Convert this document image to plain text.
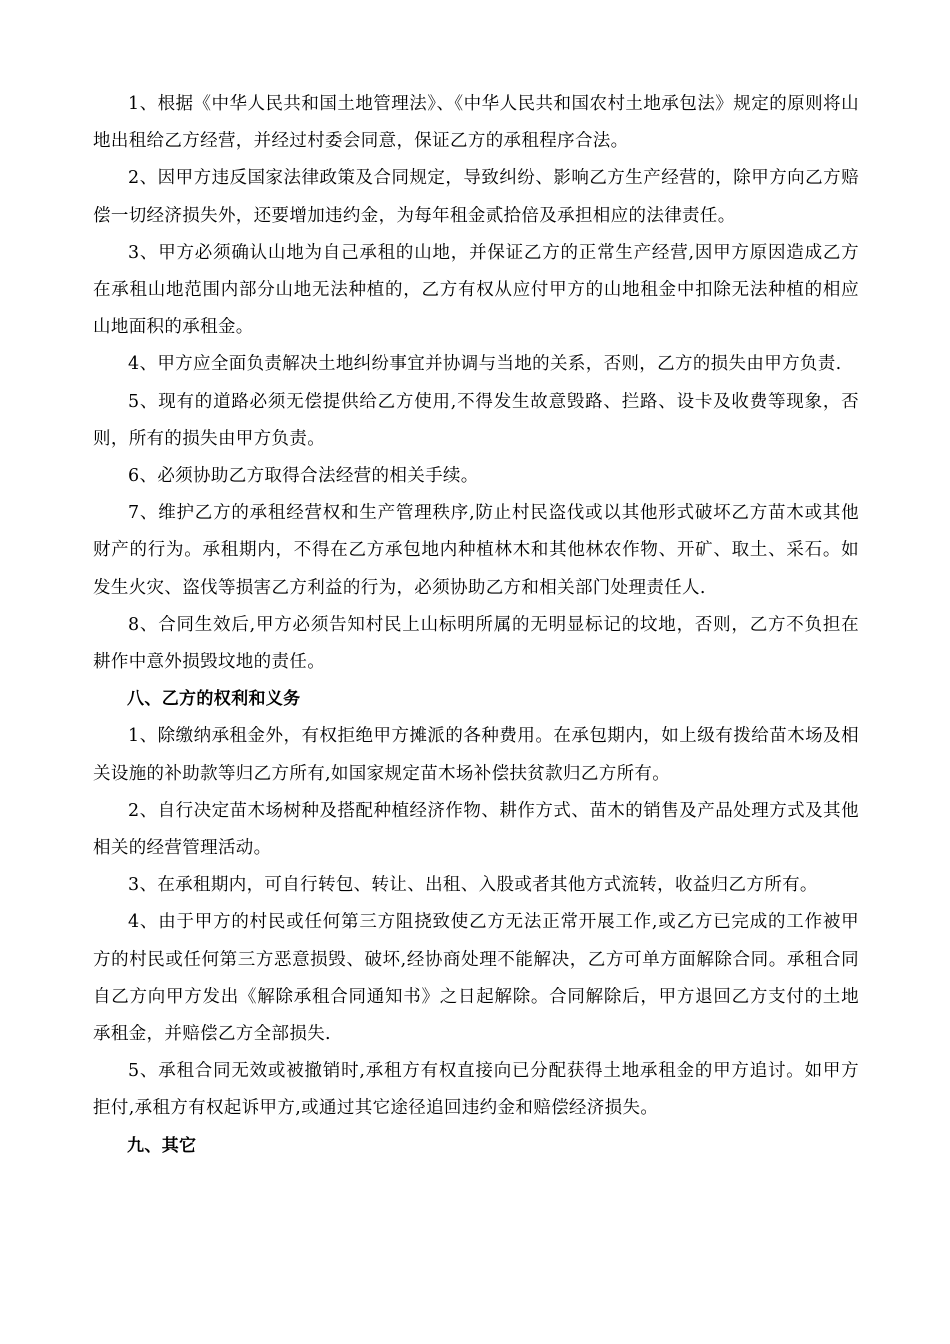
1、根据《中华人民共和国土地管理法》、《中华人民共和国农村土地承包法》规定的原则将山地出租给乙方经营，并经过村委会同意，保证乙方的承租程序合法。

2、因甲方违反国家法律政策及合同规定，导致纠纷、影响乙方生产经营的，除甲方向乙方赔偿一切经济损失外，还要增加违约金，为每年租金贰拾倍及承担相应的法律责任。

3、甲方必须确认山地为自己承租的山地，并保证乙方的正常生产经营,因甲方原因造成乙方在承租山地范围内部分山地无法种植的，乙方有权从应付甲方的山地租金中扣除无法种植的相应山地面积的承租金。

4、甲方应全面负责解决土地纠纷事宜并协调与当地的关系，否则，乙方的损失由甲方负责.

5、现有的道路必须无偿提供给乙方使用,不得发生故意毁路、拦路、设卡及收费等现象，否则，所有的损失由甲方负责。

6、必须协助乙方取得合法经营的相关手续。

7、维护乙方的承租经营权和生产管理秩序,防止村民盗伐或以其他形式破坏乙方苗木或其他财产的行为。承租期内，不得在乙方承包地内种植林木和其他林农作物、开矿、取土、采石。如发生火灾、盗伐等损害乙方利益的行为，必须协助乙方和相关部门处理责任人.

8、合同生效后,甲方必须告知村民上山标明所属的无明显标记的坟地，否则，乙方不负担在耕作中意外损毁坟地的责任。

八、乙方的权利和义务

1、除缴纳承租金外，有权拒绝甲方摊派的各种费用。在承包期内，如上级有拨给苗木场及相关设施的补助款等归乙方所有,如国家规定苗木场补偿扶贫款归乙方所有。

2、自行决定苗木场树种及搭配种植经济作物、耕作方式、苗木的销售及产品处理方式及其他相关的经营管理活动。

3、在承租期内，可自行转包、转让、出租、入股或者其他方式流转，收益归乙方所有。

4、由于甲方的村民或任何第三方阻挠致使乙方无法正常开展工作,或乙方已完成的工作被甲方的村民或任何第三方恶意损毁、破坏,经协商处理不能解决，乙方可单方面解除合同。承租合同自乙方向甲方发出《解除承租合同通知书》之日起解除。合同解除后，甲方退回乙方支付的土地承租金，并赔偿乙方全部损失.

5、承租合同无效或被撤销时,承租方有权直接向已分配获得土地承租金的甲方追讨。如甲方拒付,承租方有权起诉甲方,或通过其它途径追回违约金和赔偿经济损失。

九、其它
